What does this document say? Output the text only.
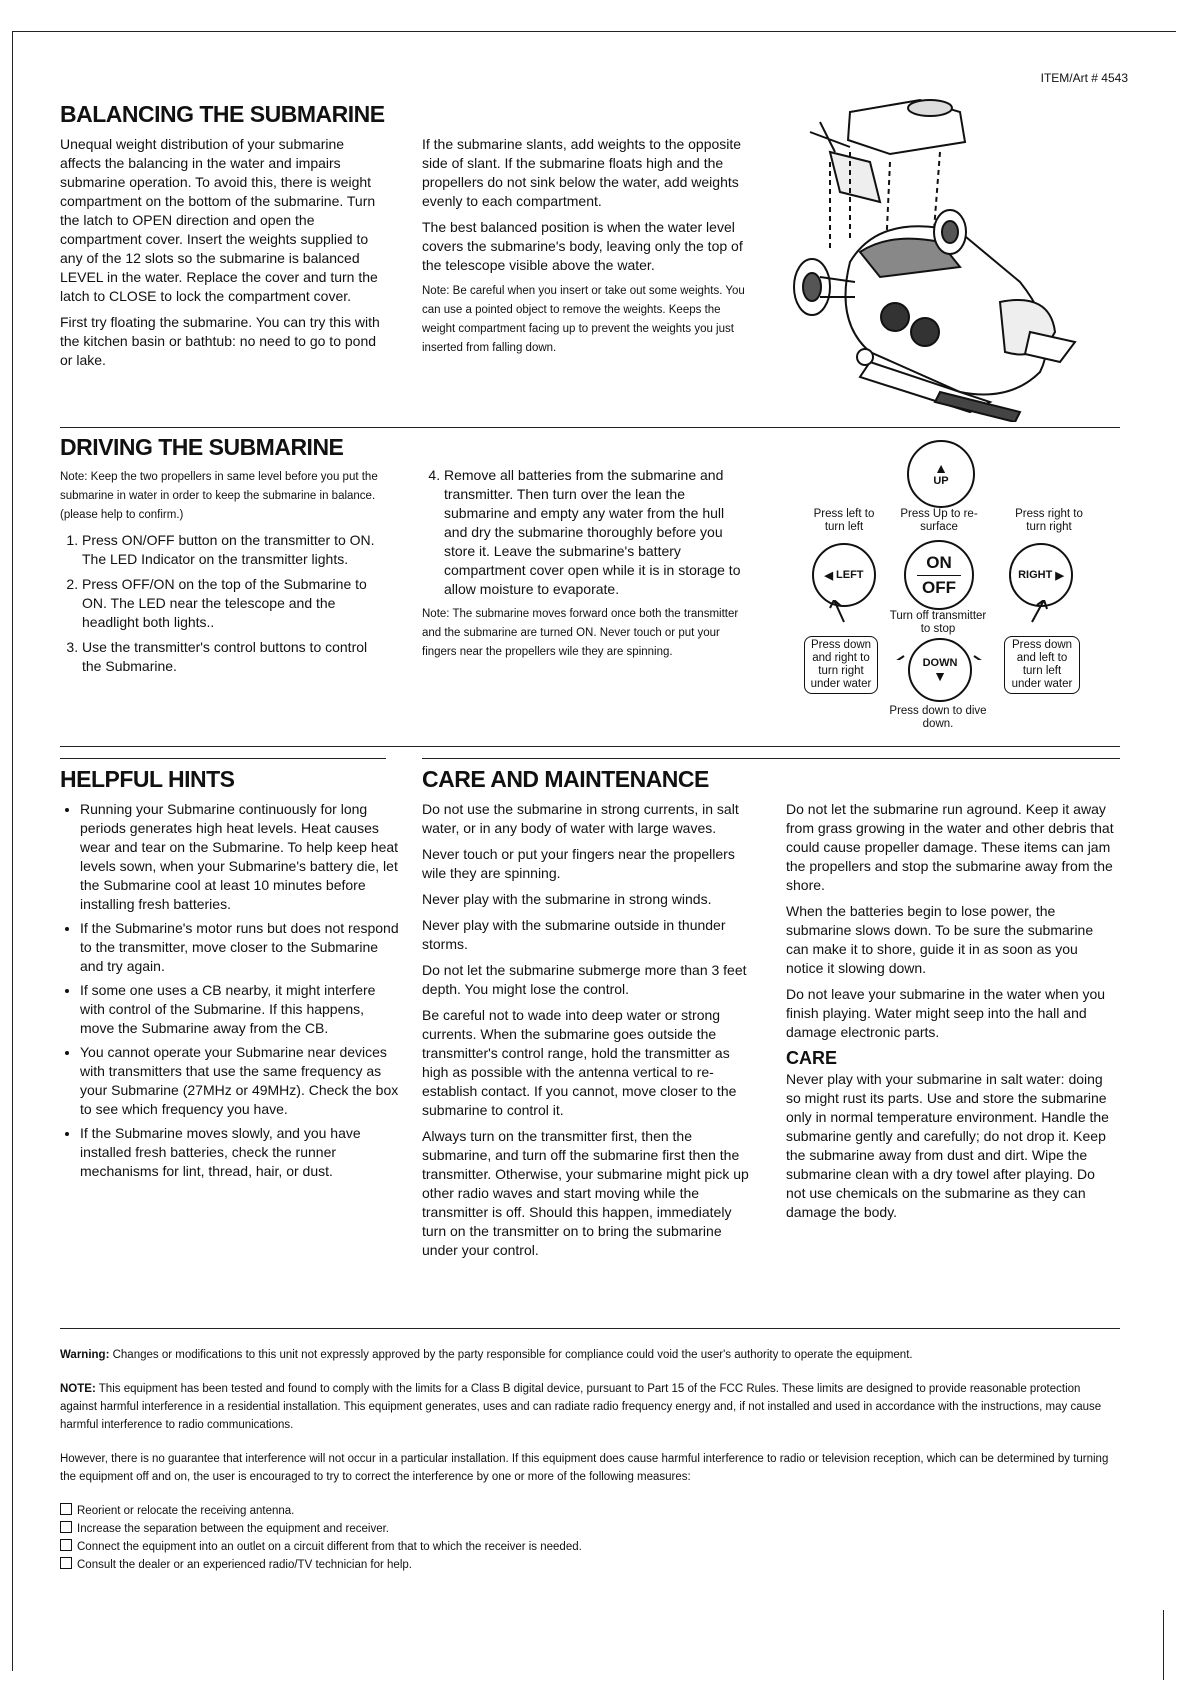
ITEM/Art # 4543
BALANCING THE SUBMARINE

Unequal weight distribution of your submarine affects the balancing in the water and impairs submarine operation. To avoid this, there is weight compartment on the bottom of the submarine. Turn the latch to OPEN direction and open the compartment cover. Insert the weights supplied to any of the 12 slots so the submarine is balanced LEVEL in the water. Replace the cover and turn the latch to CLOSE to lock the compartment cover.

First try floating the submarine. You can try this with the kitchen basin or bathtub: no need to go to pond or lake.

If the submarine slants, add weights to the opposite side of slant. If the submarine floats high and the propellers do not sink below the water, add weights evenly to each compartment.

The best balanced position is when the water level covers the submarine's body, leaving only the top of the telescope visible above the water.

Note: Be careful when you insert or take out some weights. You can use a pointed object to remove the weights. Keeps the weight compartment facing up to prevent the weights you just inserted from falling down.
DRIVING THE SUBMARINE
Note: Keep the two propellers in same level before you put the submarine in water in order to keep the submarine in balance. (please help to confirm.)
1. Press ON/OFF button on the transmitter to ON. The LED Indicator on the transmitter lights.
2. Press OFF/ON on the top of the Submarine to ON. The LED near the telescope and the headlight both lights..
3. Use the transmitter's control buttons to control the Submarine.
4. Remove all batteries from the submarine and transmitter. Then turn over the lean the submarine and empty any water from the hull and dry the submarine thoroughly before you store it. Leave the submarine's battery compartment cover open while it is in storage to allow moisture to evaporate.
Note: The submarine moves forward once both the transmitter and the submarine are turned ON. Never touch or put your fingers near the propellers wile they are spinning.
▲
UP
Press left to turn left
Press Up to re-surface
Press right to turn right
◀
LEFT
ON
OFF
RIGHT
▶
Turn off transmitter to stop
Press down and right to turn right under water
DOWN
▼
Press down and left to turn left under water
Press down to dive down.
HELPFUL HINTS
• Running your Submarine continuously for long periods generates high heat levels. Heat causes wear and tear on the Submarine. To help keep heat levels sown, when your Submarine's battery die, let the Submarine cool at least 10 minutes before installing fresh batteries.
• If the Submarine's motor runs but does not respond to the transmitter, move closer to the Submarine and try again.
• If some one uses a CB nearby, it might interfere with control of the Submarine. If this happens, move the Submarine away from the CB.
• You cannot operate your Submarine near devices with transmitters that use the same frequency as your Submarine (27MHz or 49MHz). Check the box to see which frequency you have.
• If the Submarine moves slowly, and you have installed fresh batteries, check the runner mechanisms for lint, thread, hair, or dust.
CARE AND MAINTENANCE

Do not use the submarine in strong currents, in salt water, or in any body of water with large waves.

Never touch or put your fingers near the propellers wile they are spinning.

Never play with the submarine in strong winds.

Never play with the submarine outside in thunder storms.

Do not let the submarine submerge more than 3 feet depth. You might lose the control.

Be careful not to wade into deep water or strong currents. When the submarine goes outside the transmitter's control range, hold the transmitter as high as possible with the antenna vertical to re-establish contact. If you cannot, move closer to the submarine to control it.

Always turn on the transmitter first, then the submarine, and turn off the submarine first then the transmitter. Otherwise, your submarine might pick up other radio waves and start moving while the transmitter is off. Should this happen, immediately turn on the transmitter on to bring the submarine under your control.

Do not let the submarine run aground. Keep it away from grass growing in the water and other debris that could cause propeller damage. These items can jam the propellers and stop the submarine away from the shore.

When the batteries begin to lose power, the submarine slows down. To be sure the submarine can make it to shore, guide it in as soon as you notice it slowing down.

Do not leave your submarine in the water when you finish playing. Water might seep into the hall and damage electronic parts.

CARE

Never play with your submarine in salt water: doing so might rust its parts. Use and store the submarine only in normal temperature environment. Handle the submarine gently and carefully; do not drop it. Keep the submarine away from dust and dirt. Wipe the submarine clean with a dry towel after playing. Do not use chemicals on the submarine as they can damage the body.

Warning: Changes or modifications to this unit not expressly approved by the party responsible for compliance could void the user's authority to operate the equipment.
NOTE: This equipment has been tested and found to comply with the limits for a Class B digital device, pursuant to Part 15 of the FCC Rules. These limits are designed to provide reasonable protection against harmful interference in a residential installation. This equipment generates, uses and can radiate radio frequency energy and, if not installed and used in accordance with the instructions, may cause harmful interference to radio communications.
However, there is no guarantee that interference will not occur in a particular installation. If this equipment does cause harmful interference to radio or television reception, which can be determined by turning the equipment off and on, the user is encouraged to try to correct the interference by one or more of the following measures:
Reorient or relocate the receiving antenna.
Increase the separation between the equipment and receiver.
Connect the equipment into an outlet on a circuit different from that to which the receiver is needed.
Consult the dealer or an experienced radio/TV technician for help.
